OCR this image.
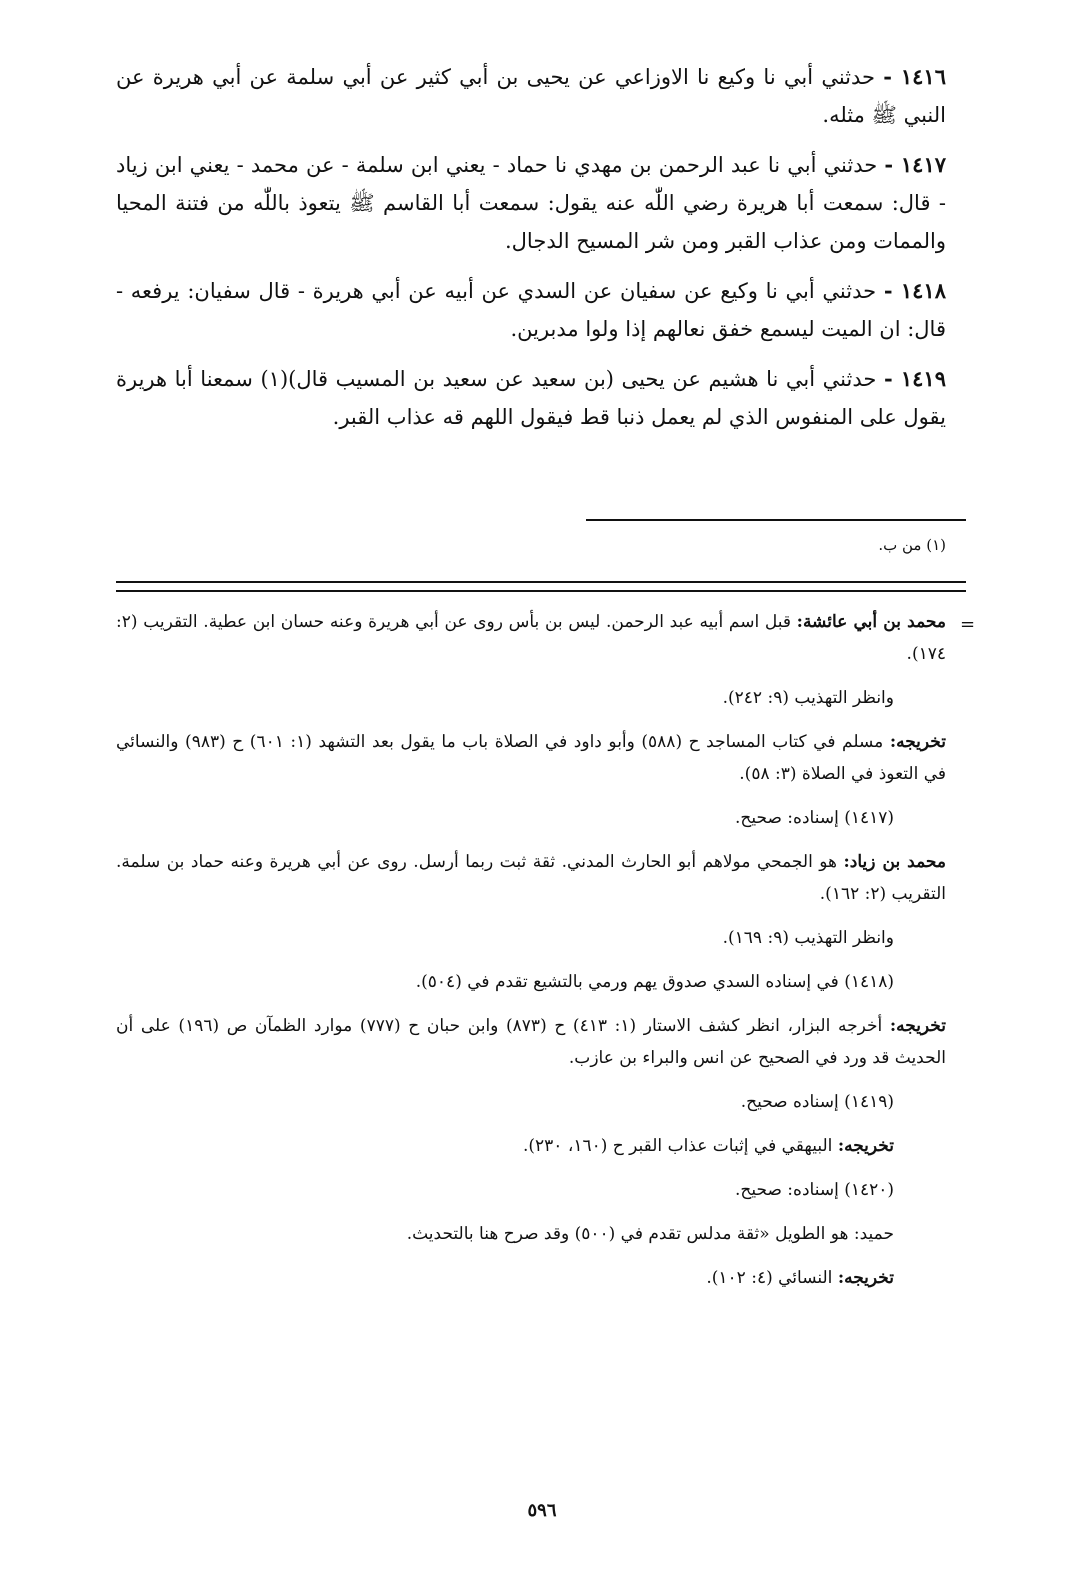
١٤١٦ - حدثني أبي نا وكيع نا الاوزاعي عن يحيى بن أبي كثير عن أبي سلمة عن أبي هريرة عن النبي ﷺ مثله.

١٤١٧ - حدثني أبي نا عبد الرحمن بن مهدي نا حماد - يعني ابن سلمة - عن محمد - يعني ابن زياد - قال: سمعت أبا هريرة رضي اللّٰه عنه يقول: سمعت أبا القاسم ﷺ يتعوذ باللّٰه من فتنة المحيا والممات ومن عذاب القبر ومن شر المسيح الدجال.

١٤١٨ - حدثني أبي نا وكيع عن سفيان عن السدي عن أبيه عن أبي هريرة - قال سفيان: يرفعه - قال: ان الميت ليسمع خفق نعالهم إذا ولوا مدبرين.

١٤١٩ - حدثني أبي نا هشيم عن يحيى (بن سعيد عن سعيد بن المسيب قال)(١) سمعنا أبا هريرة يقول على المنفوس الذي لم يعمل ذنبا قط فيقول اللهم قه عذاب القبر.

(١) من ب.
=

محمد بن أبي عائشة: قبل اسم أبيه عبد الرحمن. ليس بن بأس روى عن أبي هريرة وعنه حسان ابن عطية. التقريب (٢: ١٧٤).

وانظر التهذيب (٩: ٢٤٢).

تخريجه: مسلم في كتاب المساجد ح (٥٨٨) وأبو داود في الصلاة باب ما يقول بعد التشهد (١: ٦٠١) ح (٩٨٣) والنسائي في التعوذ في الصلاة (٣: ٥٨).

(١٤١٧) إسناده: صحيح.

محمد بن زياد: هو الجمحي مولاهم أبو الحارث المدني. ثقة ثبت ربما أرسل. روى عن أبي هريرة وعنه حماد بن سلمة. التقريب (٢: ١٦٢).

وانظر التهذيب (٩: ١٦٩).

(١٤١٨) في إسناده السدي صدوق يهم ورمي بالتشيع تقدم في (٥٠٤).

تخريجه: أخرجه البزار، انظر كشف الاستار (١: ٤١٣) ح (٨٧٣) وابن حبان ح (٧٧٧) موارد الظمآن ص (١٩٦) على أن الحديث قد ورد في الصحيح عن انس والبراء بن عازب.

(١٤١٩) إسناده صحيح.

تخريجه: البيهقي في إثبات عذاب القبر ح (١٦٠، ٢٣٠).

(١٤٢٠) إسناده: صحيح.

حميد: هو الطويل «ثقة مدلس تقدم في (٥٠٠) وقد صرح هنا بالتحديث.

تخريجه: النسائي (٤: ١٠٢).

٥٩٦
